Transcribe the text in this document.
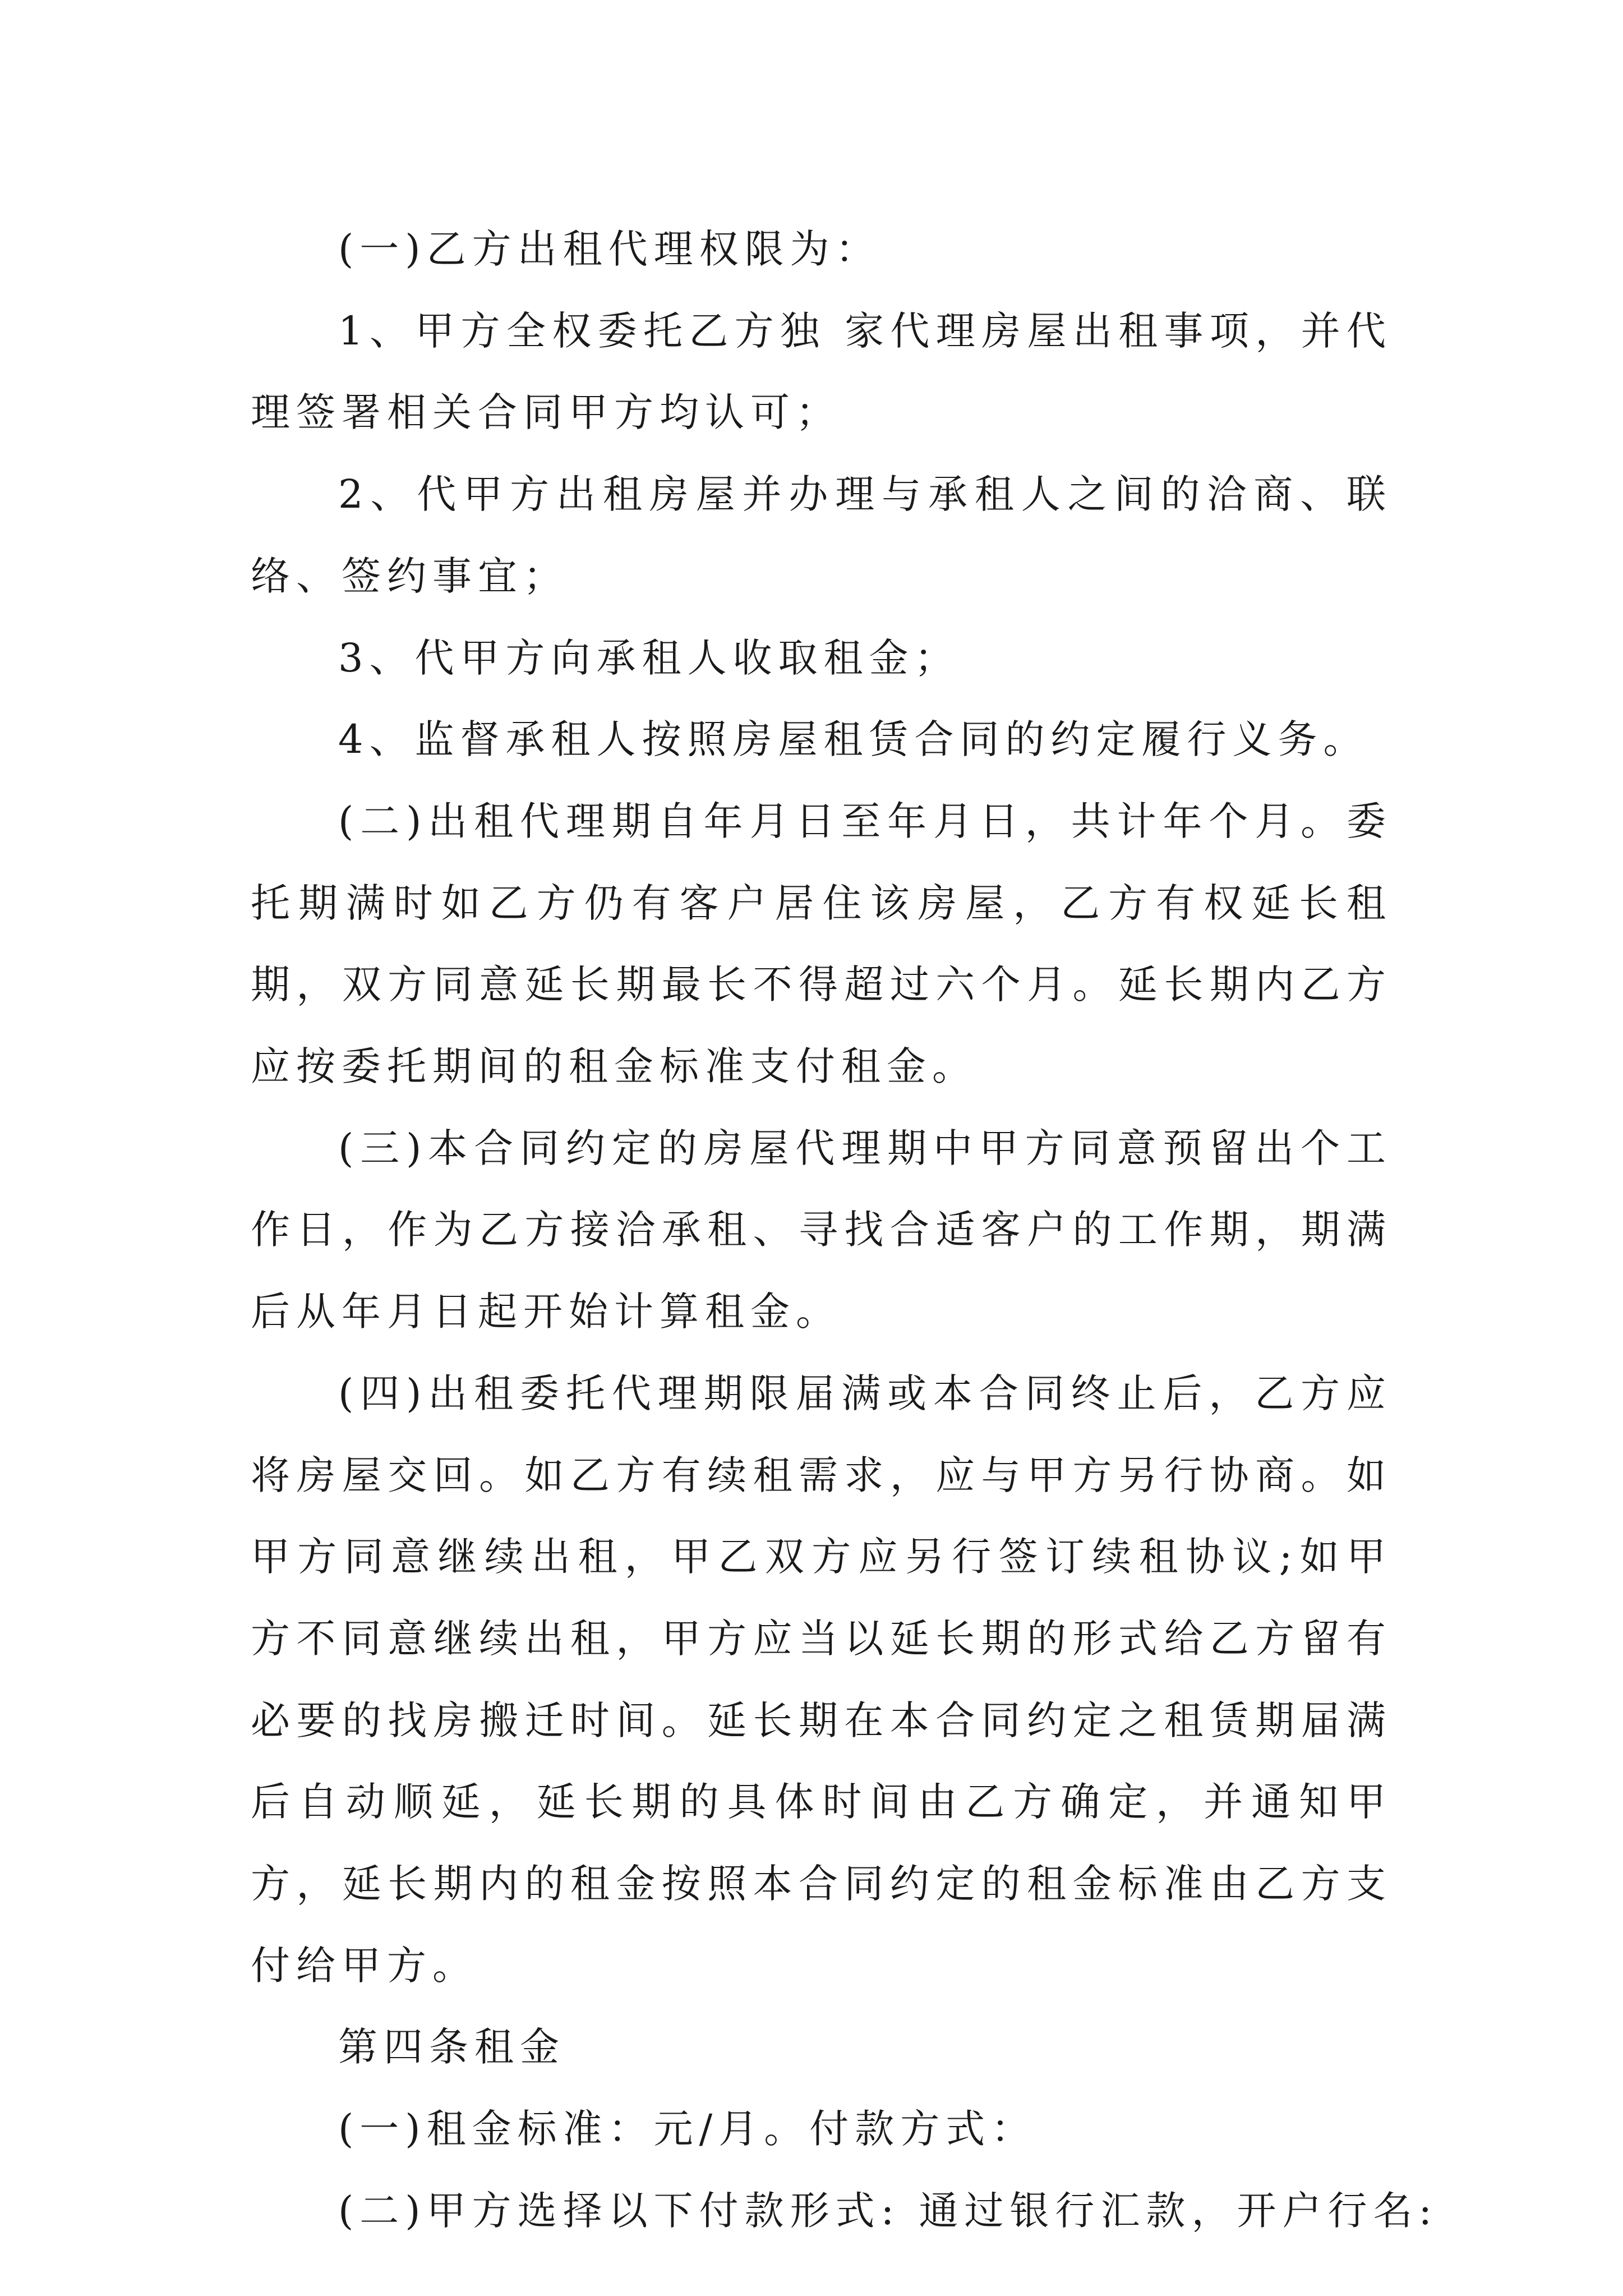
(一)乙方出租代理权限为：

1、甲方全权委托乙方独 家代理房屋出租事项，并代理签署相关合同甲方均认可；

2、代甲方出租房屋并办理与承租人之间的洽商、联络、签约事宜；

3、代甲方向承租人收取租金；

4、监督承租人按照房屋租赁合同的约定履行义务。

(二)出租代理期自年月日至年月日，共计年个月。委托期满时如乙方仍有客户居住该房屋，乙方有权延长租期，双方同意延长期最长不得超过六个月。延长期内乙方应按委托期间的租金标准支付租金。

(三)本合同约定的房屋代理期中甲方同意预留出个工作日，作为乙方接洽承租、寻找合适客户的工作期，期满后从年月日起开始计算租金。

(四)出租委托代理期限届满或本合同终止后，乙方应将房屋交回。如乙方有续租需求，应与甲方另行协商。如甲方同意继续出租，甲乙双方应另行签订续租协议;如甲方不同意继续出租，甲方应当以延长期的形式给乙方留有必要的找房搬迁时间。延长期在本合同约定之租赁期届满后自动顺延，延长期的具体时间由乙方确定，并通知甲方，延长期内的租金按照本合同约定的租金标准由乙方支付给甲方。

第四条租金

(一)租金标准：元/月。付款方式：

(二)甲方选择以下付款形式: 通过银行汇款，开户行名:
